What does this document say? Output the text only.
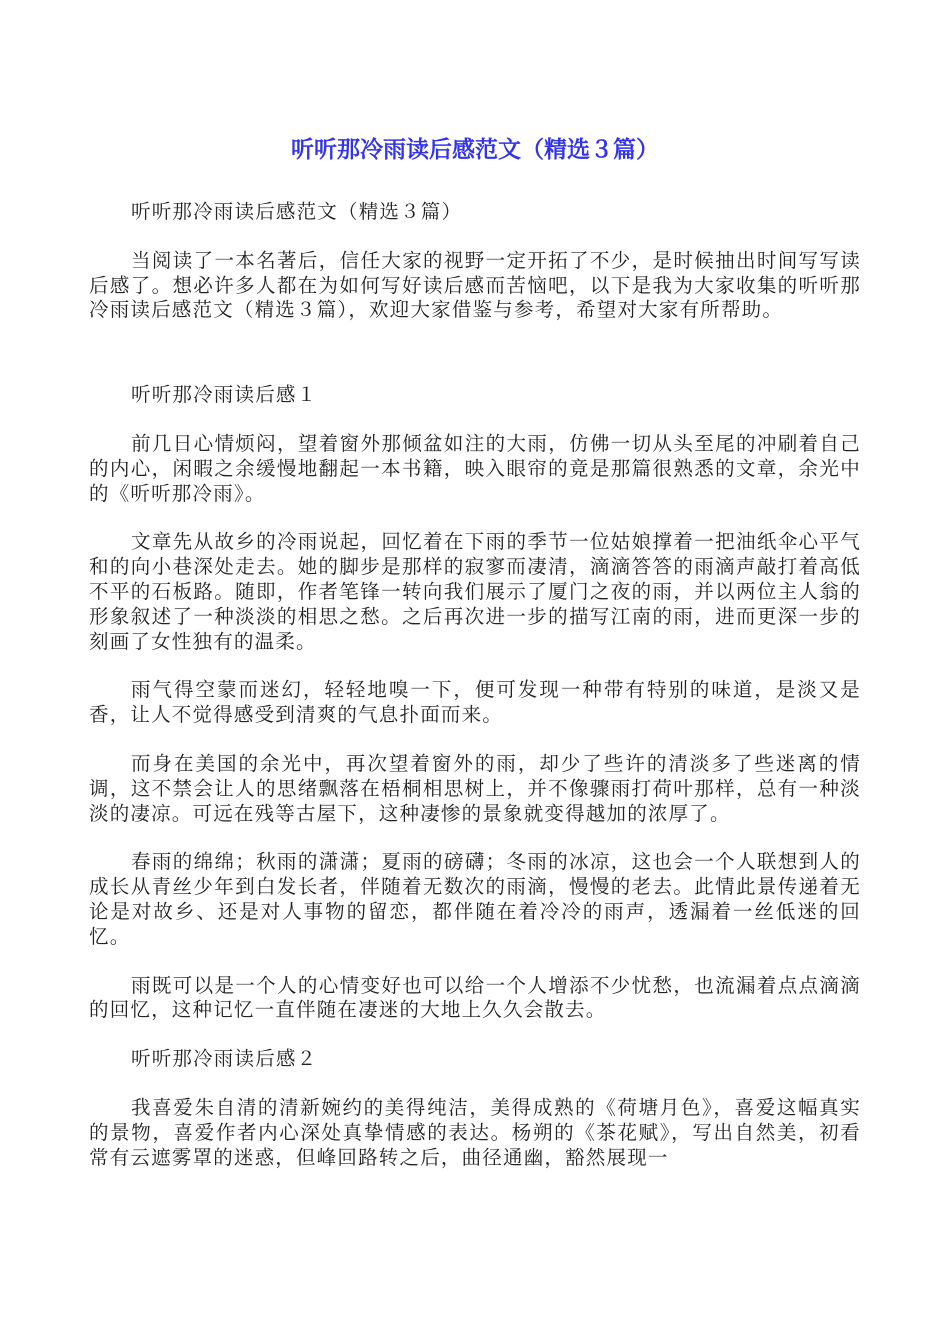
听听那冷雨读后感范文（精选３篇）

听听那冷雨读后感范文（精选３篇）

当阅读了一本名著后，信任大家的视野一定开拓了不少，是时候抽出时间写写读后感了。想必许多人都在为如何写好读后感而苦恼吧，以下是我为大家收集的听听那冷雨读后感范文（精选３篇），欢迎大家借鉴与参考，希望对大家有所帮助。

听听那冷雨读后感１

前几日心情烦闷，望着窗外那倾盆如注的大雨，仿佛一切从头至尾的冲刷着自己的内心，闲暇之余缓慢地翻起一本书籍，映入眼帘的竟是那篇很熟悉的文章，余光中的《听听那冷雨》。

文章先从故乡的冷雨说起，回忆着在下雨的季节一位姑娘撑着一把油纸伞心平气和的向小巷深处走去。她的脚步是那样的寂寥而凄清，滴滴答答的雨滴声敲打着高低不平的石板路。随即，作者笔锋一转向我们展示了厦门之夜的雨，并以两位主人翁的形象叙述了一种淡淡的相思之愁。之后再次进一步的描写江南的雨，进而更深一步的刻画了女性独有的温柔。

雨气得空蒙而迷幻，轻轻地嗅一下，便可发现一种带有特别的味道，是淡又是香，让人不觉得感受到清爽的气息扑面而来。

而身在美国的余光中，再次望着窗外的雨，却少了些许的清淡多了些迷离的情调，这不禁会让人的思绪飘落在梧桐相思树上，并不像骤雨打荷叶那样，总有一种淡淡的凄凉。可远在残等古屋下，这种凄惨的景象就变得越加的浓厚了。

春雨的绵绵；秋雨的潇潇；夏雨的磅礴；冬雨的冰凉，这也会一个人联想到人的成长从青丝少年到白发长者，伴随着无数次的雨滴，慢慢的老去。此情此景传递着无论是对故乡、还是对人事物的留恋，都伴随在着冷冷的雨声，透漏着一丝低迷的回忆。

雨既可以是一个人的心情变好也可以给一个人增添不少忧愁，也流漏着点点滴滴的回忆，这种记忆一直伴随在凄迷的大地上久久会散去。

听听那冷雨读后感２

我喜爱朱自清的清新婉约的美得纯洁，美得成熟的《荷塘月色》，喜爱这幅真实的景物，喜爱作者内心深处真挚情感的表达。杨朔的《茶花赋》，写出自然美，初看常有云遮雾罩的迷惑，但峰回路转之后，曲径通幽，豁然展现一
